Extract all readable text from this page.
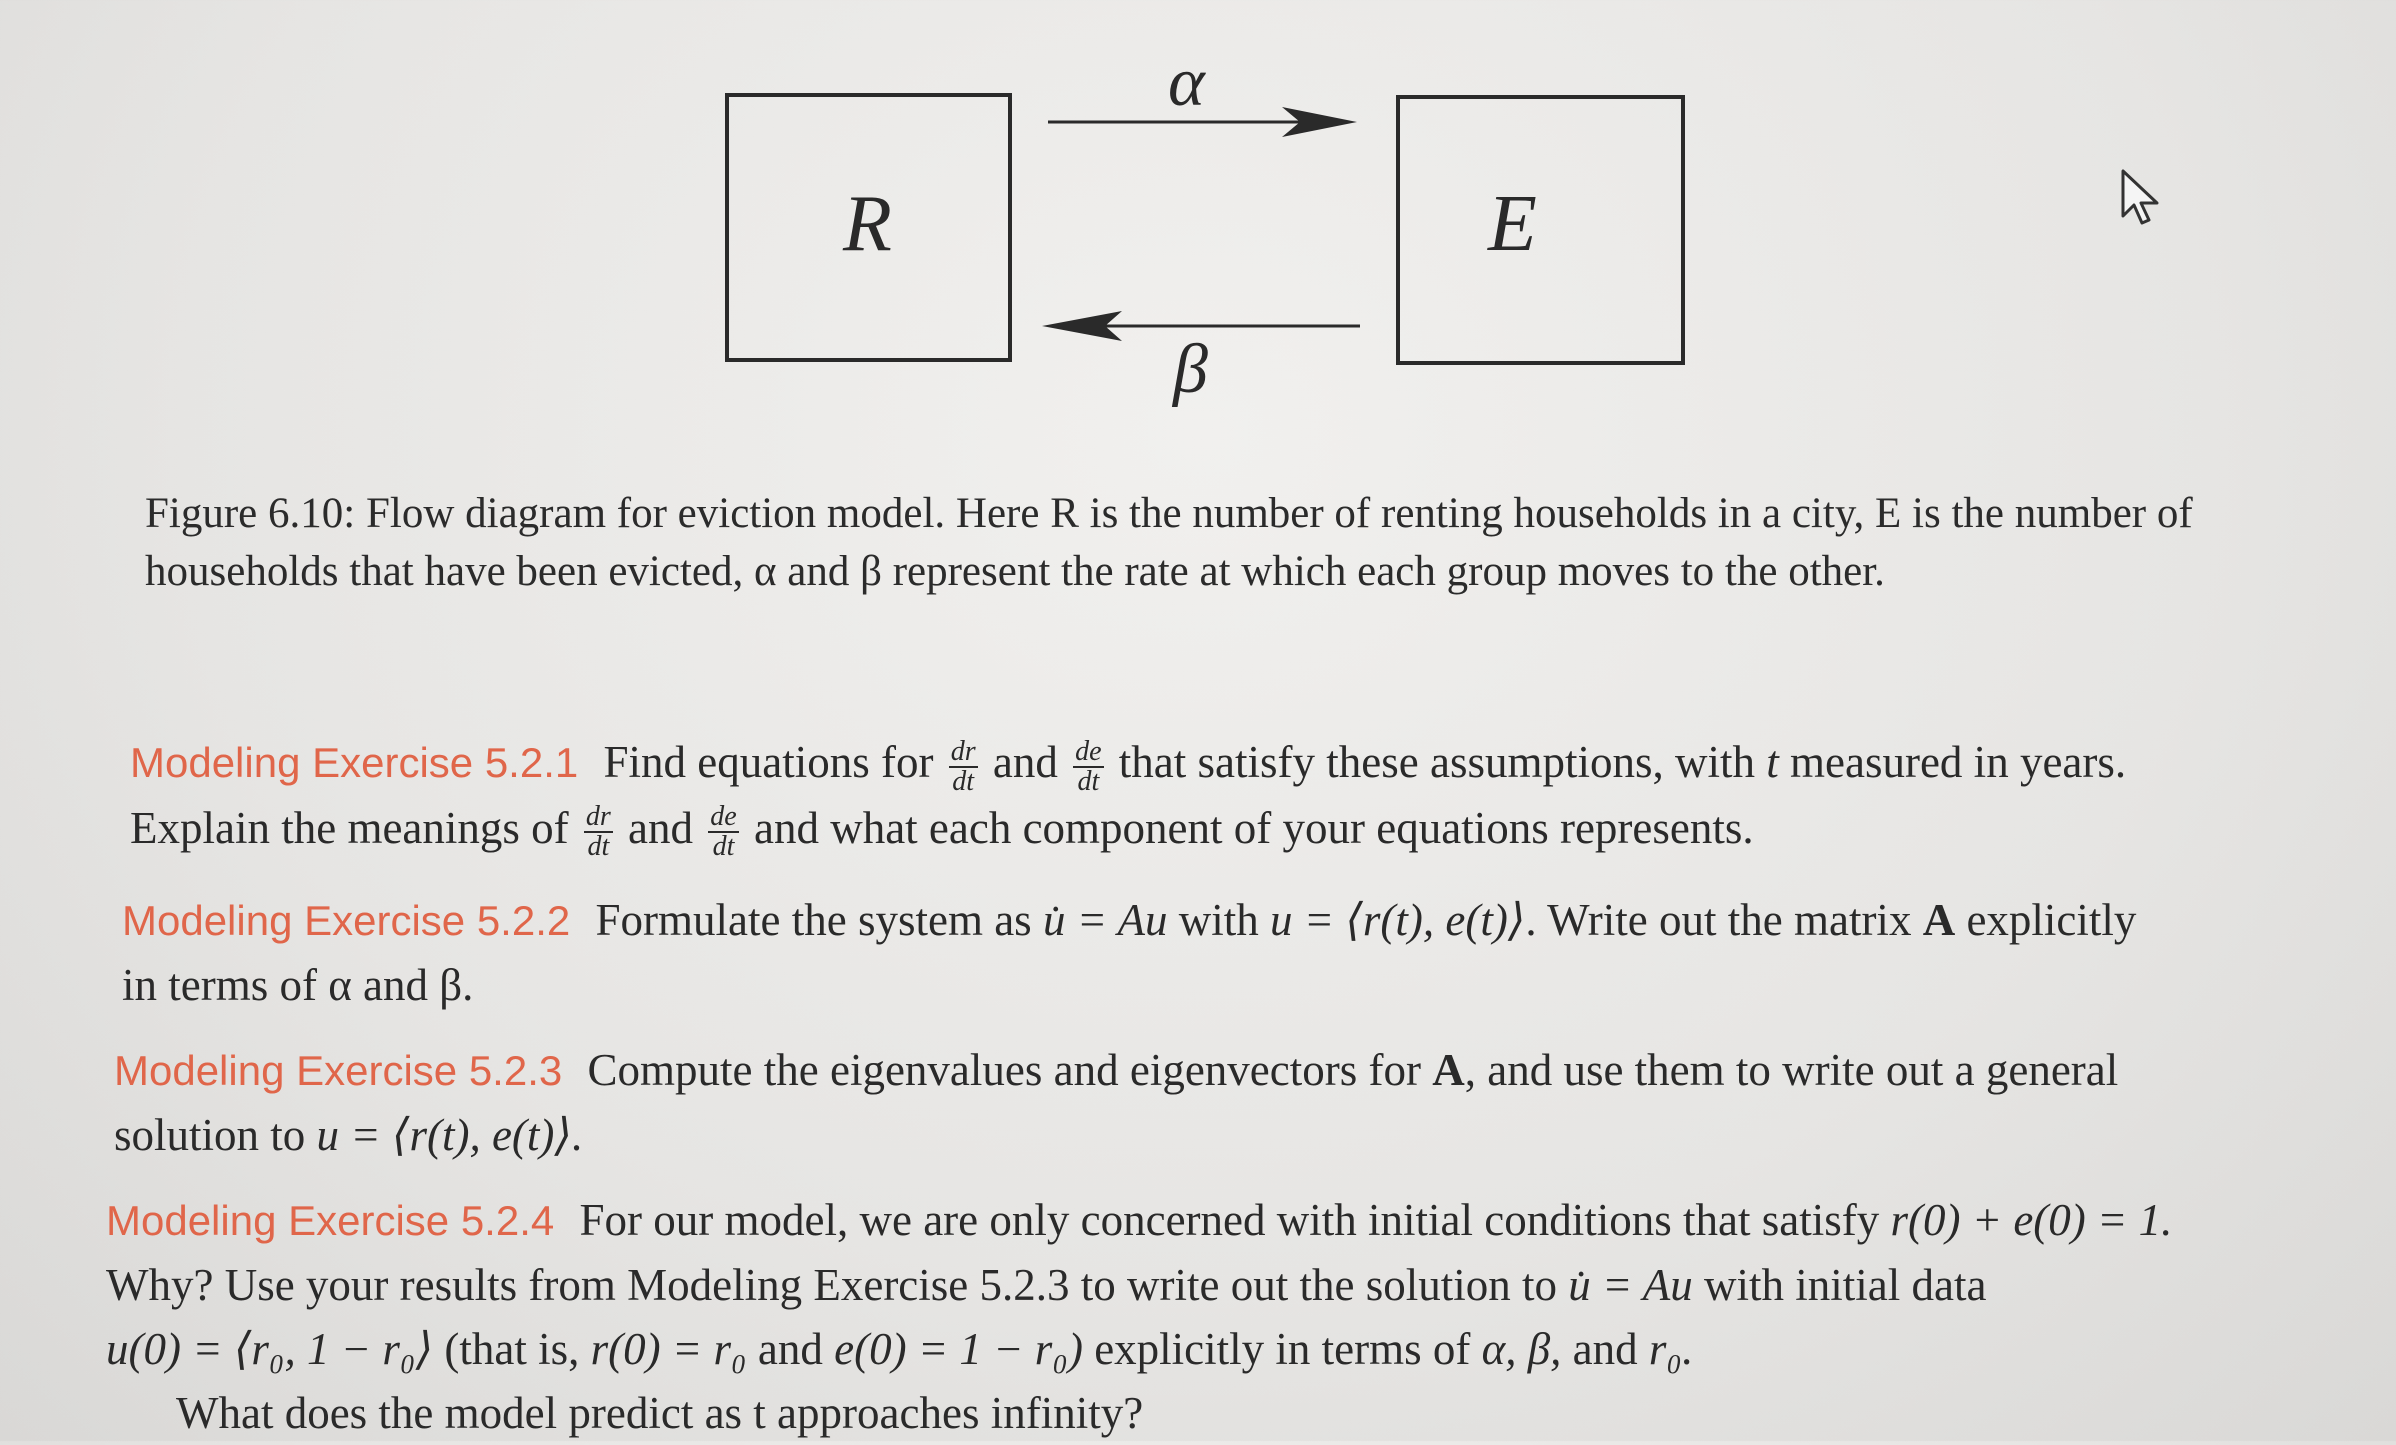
R	E
α
β
Figure 6.10: Flow diagram for eviction model. Here R is the number of renting households in a city, E is the number of households that have been evicted, α and β represent the rate at which each group moves to the other.
Modeling Exercise 5.2.1 Find equations for $\frac{dr}{dt}$ and $\frac{de}{dt}$ that satisfy these assumptions, with t measured in years.
Explain the meanings of $\frac{dr}{dt}$ and $\frac{de}{dt}$ and what each component of your equations represents.
Modeling Exercise 5.2.2 Formulate the system as u̇ = Au with u = ⟨r(t), e(t)⟩. Write out the matrix A explicitly
in terms of α and β.
Modeling Exercise 5.2.3 Compute the eigenvalues and eigenvectors for A, and use them to write out a general
solution to u = ⟨r(t), e(t)⟩.
Modeling Exercise 5.2.4 For our model, we are only concerned with initial conditions that satisfy r(0) + e(0) = 1.
Why? Use your results from Modeling Exercise 5.2.3 to write out the solution to u̇ = Au with initial data
u(0) = ⟨r₀, 1 − r₀⟩ (that is, r(0) = r₀ and e(0) = 1 − r₀) explicitly in terms of α, β, and r₀.
What does the model predict as t approaches infinity?
